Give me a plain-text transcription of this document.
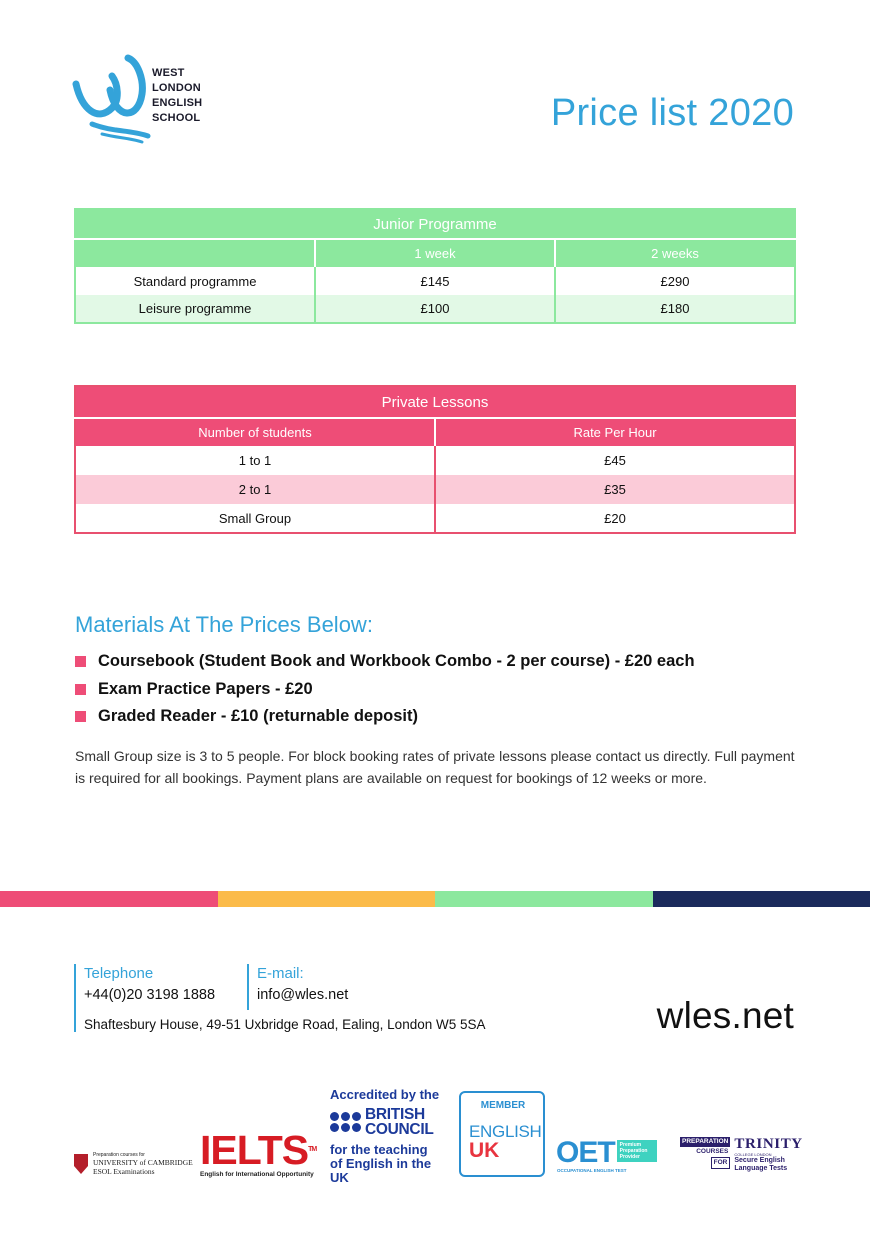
WEST
LONDON
ENGLISH
SCHOOL	Price list 2020
Junior Programme		
	1 week	2 weeks
Standard programme	£145	£290
Leisure programme	£100	£180
Private Lessons	
Number of students	Rate Per Hour
1 to 1	£45
2 to 1	£35
Small Group	£20
Materials At The Prices Below:
Coursebook (Student Book and Workbook Combo - 2 per course) - £20 each
Exam Practice Papers - £20
Graded Reader - £10 (returnable deposit)

Small Group size is 3 to 5 people. For block booking rates of private lessons please contact us directly. Full payment is required for all bookings. Payment plans are available on request for bookings of 12 weeks or more.

Telephone
+44(0)20 3198 1888
E-mail:
info@wles.net
Shaftesbury House, 49-51 Uxbridge Road, Ealing, London W5 5SA	wles.net
Preparation courses for
UNIVERSITY of CAMBRIDGE
ESOL Examinations	IELTS™
English for International Opportunity
Accredited by the
BRITISH
COUNCIL
for the teaching
of English in the UK
MEMBER
ENGLISH
UK	OET	Premium Preparation Provider
OCCUPATIONAL ENGLISH TEST
PREPARATION
COURSES
FOR
TRINITY
COLLEGE LONDON
Secure English
Language Tests
